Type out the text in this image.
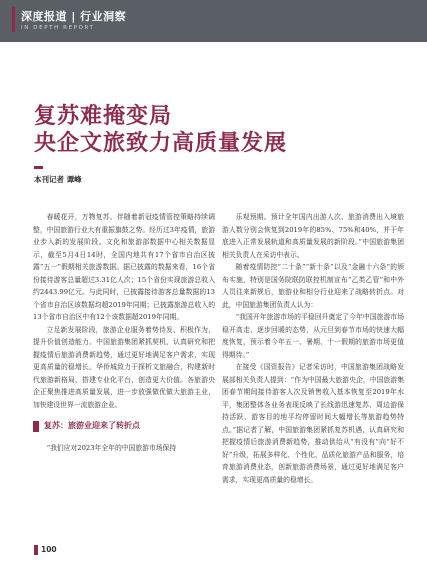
深度报道 | 行业洞察
IN DEPTH REPORT
复苏难掩变局
央企文旅致力高质量发展
本刊记者 谭峰

春暖花开，万物复苏。伴随着新冠疫情管控策略持续调整，中国旅游行业大有重振旗鼓之势。经历过3年疫情，旅游业步入新的发展阶段。文化和旅游部数据中心相关数据显示，截至5月4日14时，全国内地共有17个省市自治区披露“五一”假期相关旅游数据。据已披露的数据来看，16个省份接待游客总量超过3.31亿人次；15个省份实现旅游总收入约2443.99亿元。与此同时，已披露接待游客总量数据的13个省市自治区该数据均超2019年同期；已披露旅游总收入的13个省市自治区中有12个该数据超2019年同期。

立足新发展阶段，旅游企业服务着势待发、积极作为，提升价值创造能力。中国旅游集团紧抓契机，认真研究和把握疫情后旅游消费新趋势，通过更好地满足客户需求，实现更高质量的稳增长。华侨城致力于探析文旅融合，构建新时代旅游新格局，搭建专业化平台，创造更大价值。各旅游央企正聚焦推进高质量发展，进一步放强做优做大旅游主业，加快建设世界一流旅游企业。

复苏：旅游业迎来了转折点

“我们应对2023年全年的中国旅游市场保持

乐观预期。预计全年国内出游人次、旅游消费出入境旅游人数分别会恢复到2019年的85%、75%和40%，并于年底进入正常发展轨道和高质量发展的新阶段。”中国旅游集团相关负责人在采访中表示。

随着疫情防控“二十条”“新十条”以及“金融十六条”的颁布实施，特别是国务院联防联控机制宣布“乙类乙管”和中外人员往来新规后，旅游业和相分行业迎来了战略转折点。对此，中国旅游集团负责人认为：

“我国开年旅游市场的平稳回升奠定了今年中国旅游市场稳开高走、逐步回暖的态势，从元旦到春节市场的快速大幅度恢复，预示着今年五一、暑期、十一假期的旅游市场更值得期待。”

在接受《国资报告》记者采访时，中国旅游集团战略发展部相关负责人提到：“作为中国最大旅游央企，中国旅游集团春节期间接待游客人次及销售收入基本恢复至2019年水平，集团整体各业务表现反映了长线游迅速复苏、周边游保持活跃、游客目的地平均停留时间大幅增长等旅游趋势特点。”据记者了解，中国旅游集团紧抓复苏机遇，认真研究和把握疫情后旅游消费新趋势，推动供给从“有没有”向“好不好”升级，拓展多样化、个性化、品质化旅游产品和服务，培育旅游消费业态，创新旅游消费场景，通过更好地满足客户需求，实现更高质量的稳增长。

100
